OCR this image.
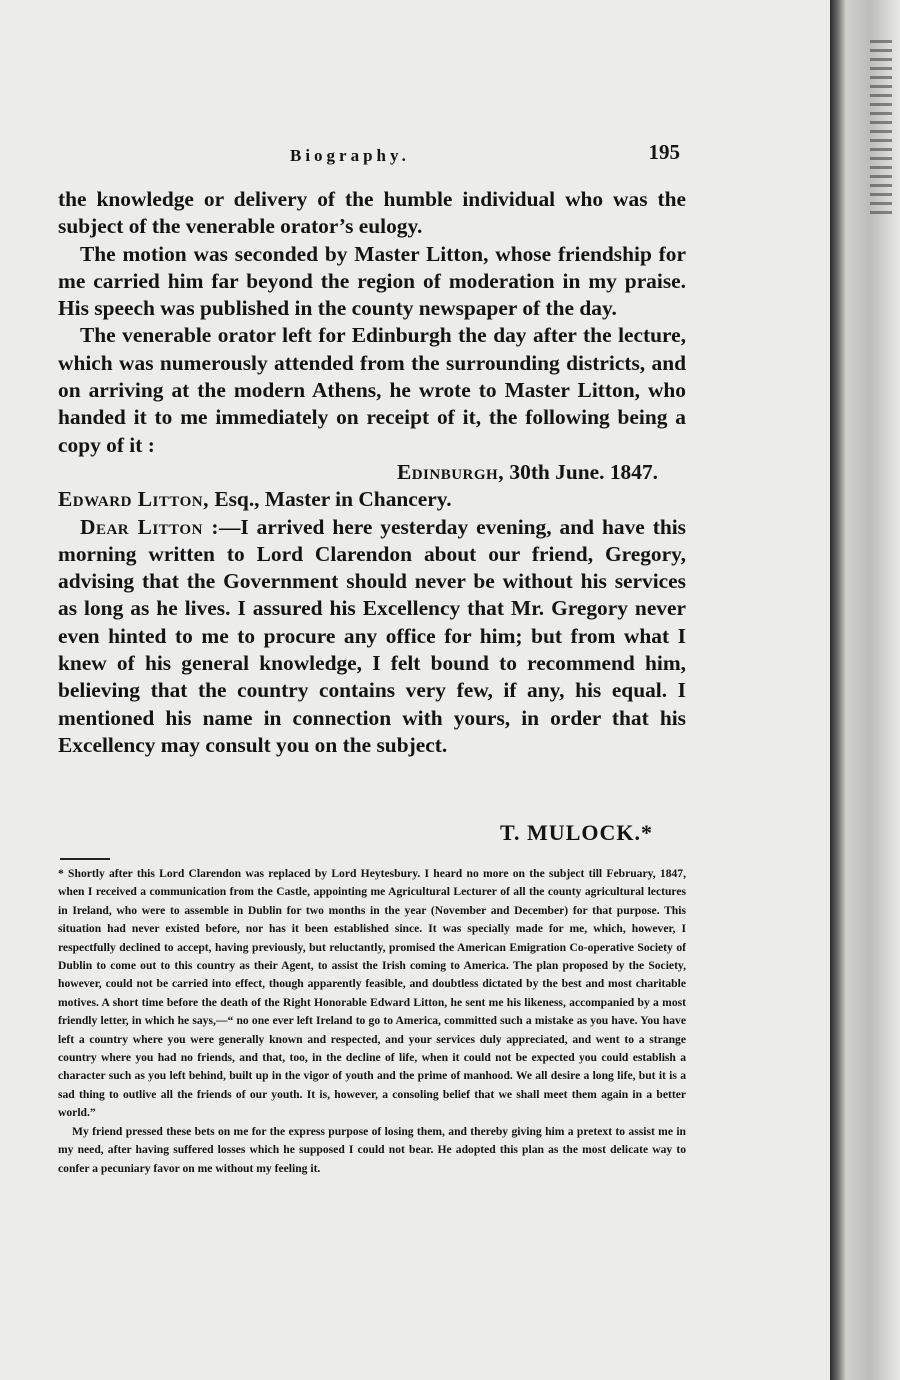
Biography.	195

the knowledge or delivery of the humble individual who was the subject of the venerable orator’s eulogy.

The motion was seconded by Master Litton, whose friendship for me carried him far beyond the region of moderation in my praise. His speech was published in the county newspaper of the day.

The venerable orator left for Edinburgh the day after the lecture, which was numerously attended from the surrounding districts, and on arriving at the modern Athens, he wrote to Master Litton, who handed it to me immediately on receipt of it, the following being a copy of it :

Edinburgh, 30th June. 1847.

Edward Litton, Esq., Master in Chancery.

Dear Litton :—I arrived here yesterday evening, and have this morning written to Lord Clarendon about our friend, Gregory, advising that the Government should never be without his services as long as he lives. I assured his Excellency that Mr. Gregory never even hinted to me to procure any office for him; but from what I knew of his general knowledge, I felt bound to recommend him, believing that the country contains very few, if any, his equal. I mentioned his name in connection with yours, in order that his Excellency may consult you on the subject.

T. MULOCK.*

* Shortly after this Lord Clarendon was replaced by Lord Heytesbury. I heard no more on the subject till February, 1847, when I received a communication from the Castle, appointing me Agricultural Lecturer of all the county agricultural lectures in Ireland, who were to assemble in Dublin for two months in the year (November and December) for that purpose. This situation had never existed before, nor has it been established since. It was specially made for me, which, however, I respectfully declined to accept, having previously, but reluctantly, promised the American Emigration Co-operative Society of Dublin to come out to this country as their Agent, to assist the Irish coming to America. The plan proposed by the Society, however, could not be carried into effect, though apparently feasible, and doubtless dictated by the best and most charitable motives. A short time before the death of the Right Honorable Edward Litton, he sent me his likeness, accompanied by a most friendly letter, in which he says,—“ no one ever left Ireland to go to America, committed such a mistake as you have. You have left a country where you were generally known and respected, and your services duly appreciated, and went to a strange country where you had no friends, and that, too, in the decline of life, when it could not be expected you could establish a character such as you left behind, built up in the vigor of youth and the prime of manhood. We all desire a long life, but it is a sad thing to outlive all the friends of our youth. It is, however, a consoling belief that we shall meet them again in a better world.”

My friend pressed these bets on me for the express purpose of losing them, and thereby giving him a pretext to assist me in my need, after having suffered losses which he supposed I could not bear. He adopted this plan as the most delicate way to confer a pecuniary favor on me without my feeling it.
